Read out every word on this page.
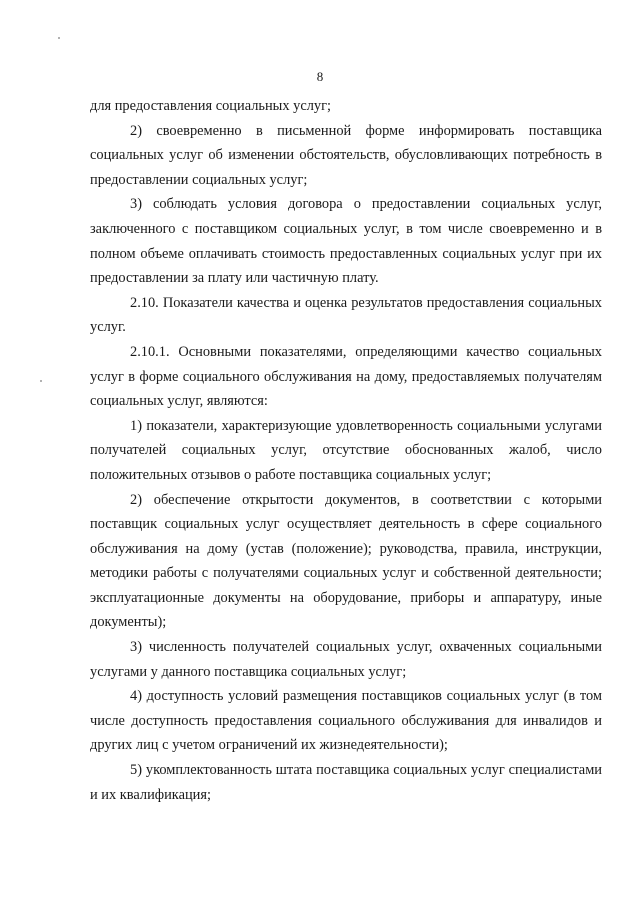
8

для предоставления социальных услуг;

2) своевременно в письменной форме информировать поставщика социальных услуг об изменении обстоятельств, обусловливающих потребность в предоставлении социальных услуг;

3) соблюдать условия договора о предоставлении социальных услуг, заключенного с поставщиком социальных услуг, в том числе своевременно и в полном объеме оплачивать стоимость предоставленных социальных услуг при их предоставлении за плату или частичную плату.

2.10. Показатели качества и оценка результатов предоставления социальных услуг.

2.10.1. Основными показателями, определяющими качество социальных услуг в форме социального обслуживания на дому, предоставляемых получателям социальных услуг, являются:

1) показатели, характеризующие удовлетворенность социальными услугами получателей социальных услуг, отсутствие обоснованных жалоб, число положительных отзывов о работе поставщика социальных услуг;

2) обеспечение открытости документов, в соответствии с которыми поставщик социальных услуг осуществляет деятельность в сфере социального обслуживания на дому (устав (положение); руководства, правила, инструкции, методики работы с получателями социальных услуг и собственной деятельности; эксплуатационные документы на оборудование, приборы и аппаратуру, иные документы);

3) численность получателей социальных услуг, охваченных социальными услугами у данного поставщика социальных услуг;

4) доступность условий размещения поставщиков социальных услуг (в том числе доступность предоставления социального обслуживания для инвалидов и других лиц с учетом ограничений их жизнедеятельности);

5) укомплектованность штата поставщика социальных услуг специалистами и их квалификация;
